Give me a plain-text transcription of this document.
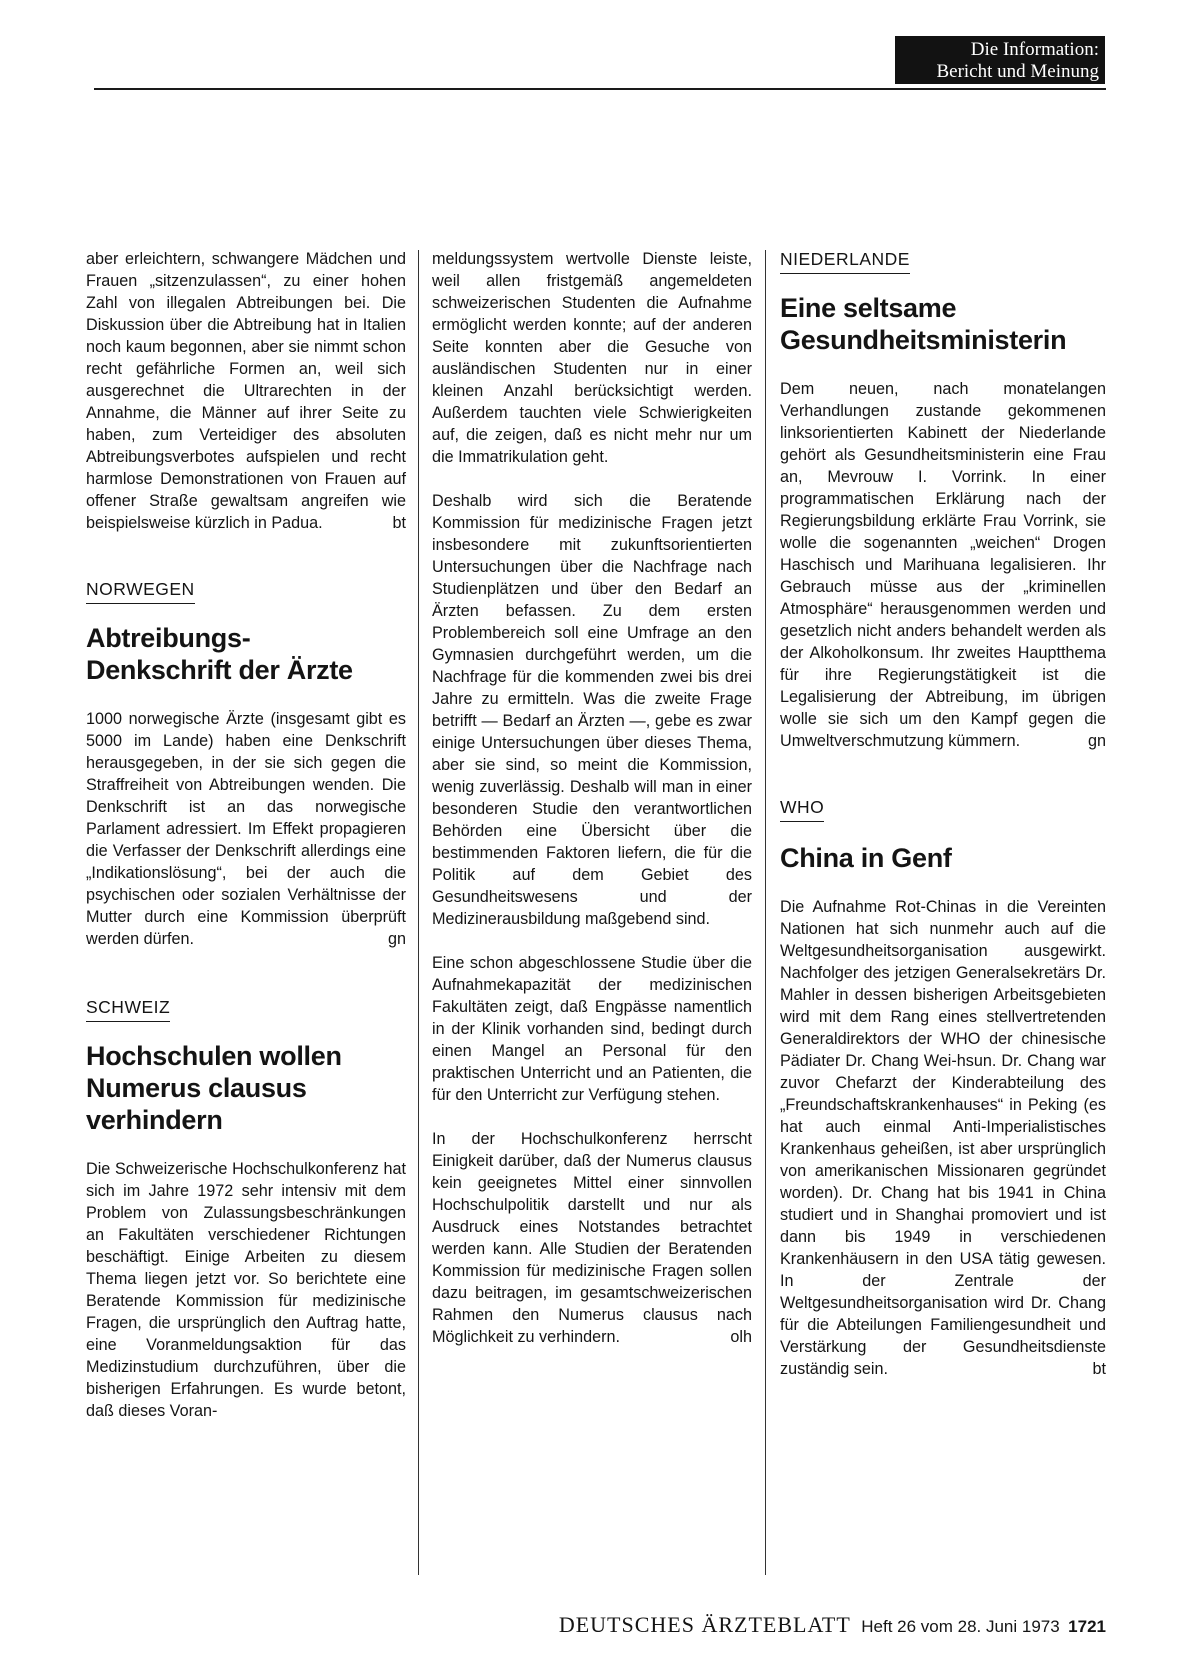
Die Information:
Bericht und Meinung

aber erleichtern, schwangere Mädchen und Frauen „sitzenzulassen“, zu einer hohen Zahl von illegalen Abtreibungen bei. Die Diskussion über die Abtreibung hat in Italien noch kaum begonnen, aber sie nimmt schon recht gefährliche Formen an, weil sich ausgerechnet die Ultrarechten in der Annahme, die Männer auf ihrer Seite zu haben, zum Verteidiger des absoluten Abtreibungsverbotes aufspielen und recht harmlose Demonstrationen von Frauen auf offener Straße gewaltsam angreifen wie beispielsweise kürzlich in Padua.	bt

NORWEGEN
Abtreibungs-
Denkschrift der Ärzte

1000 norwegische Ärzte (insgesamt gibt es 5000 im Lande) haben eine Denkschrift herausgegeben, in der sie sich gegen die Straffreiheit von Abtreibungen wenden. Die Denkschrift ist an das norwegische Parlament adressiert. Im Effekt propagieren die Verfasser der Denkschrift allerdings eine „Indikationslösung“, bei der auch die psychischen oder sozialen Verhältnisse der Mutter durch eine Kommission überprüft werden dürfen.	gn

SCHWEIZ
Hochschulen wollen
Numerus clausus
verhindern

Die Schweizerische Hochschulkonferenz hat sich im Jahre 1972 sehr intensiv mit dem Problem von Zulassungsbeschränkungen an Fakultäten verschiedener Richtungen beschäftigt. Einige Arbeiten zu diesem Thema liegen jetzt vor. So berichtete eine Beratende Kommission für medizinische Fragen, die ursprünglich den Auftrag hatte, eine Voranmeldungsaktion für das Medizinstudium durchzuführen, über die bisherigen Erfahrungen. Es wurde betont, daß dieses Voran-

meldungssystem wertvolle Dienste leiste, weil allen fristgemäß angemeldeten schweizerischen Studenten die Aufnahme ermöglicht werden konnte; auf der anderen Seite konnten aber die Gesuche von ausländischen Studenten nur in einer kleinen Anzahl berücksichtigt werden. Außerdem tauchten viele Schwierigkeiten auf, die zeigen, daß es nicht mehr nur um die Immatrikulation geht.

Deshalb wird sich die Beratende Kommission für medizinische Fragen jetzt insbesondere mit zukunftsorientierten Untersuchungen über die Nachfrage nach Studienplätzen und über den Bedarf an Ärzten befassen. Zu dem ersten Problembereich soll eine Umfrage an den Gymnasien durchgeführt werden, um die Nachfrage für die kommenden zwei bis drei Jahre zu ermitteln. Was die zweite Frage betrifft — Bedarf an Ärzten —, gebe es zwar einige Untersuchungen über dieses Thema, aber sie sind, so meint die Kommission, wenig zuverlässig. Deshalb will man in einer besonderen Studie den verantwortlichen Behörden eine Übersicht über die bestimmenden Faktoren liefern, die für die Politik auf dem Gebiet des Gesundheitswesens und der Medizinerausbildung maßgebend sind.

Eine schon abgeschlossene Studie über die Aufnahmekapazität der medizinischen Fakultäten zeigt, daß Engpässe namentlich in der Klinik vorhanden sind, bedingt durch einen Mangel an Personal für den praktischen Unterricht und an Patienten, die für den Unterricht zur Verfügung stehen.

In der Hochschulkonferenz herrscht Einigkeit darüber, daß der Numerus clausus kein geeignetes Mittel einer sinnvollen Hochschulpolitik darstellt und nur als Ausdruck eines Notstandes betrachtet werden kann. Alle Studien der Beratenden Kommission für medizinische Fragen sollen dazu beitragen, im gesamtschweizerischen Rahmen den Numerus clausus nach Möglichkeit zu verhindern.	olh

NIEDERLANDE
Eine seltsame
Gesundheitsministerin

Dem neuen, nach monatelangen Verhandlungen zustande gekommenen linksorientierten Kabinett der Niederlande gehört als Gesundheitsministerin eine Frau an, Mevrouw I. Vorrink. In einer programmatischen Erklärung nach der Regierungsbildung erklärte Frau Vorrink, sie wolle die sogenannten „weichen“ Drogen Haschisch und Marihuana legalisieren. Ihr Gebrauch müsse aus der „kriminellen Atmosphäre“ herausgenommen werden und gesetzlich nicht anders behandelt werden als der Alkoholkonsum. Ihr zweites Hauptthema für ihre Regierungstätigkeit ist die Legalisierung der Abtreibung, im übrigen wolle sie sich um den Kampf gegen die Umweltverschmutzung kümmern.	gn

WHO
China in Genf

Die Aufnahme Rot-Chinas in die Vereinten Nationen hat sich nunmehr auch auf die Weltgesundheitsorganisation ausgewirkt. Nachfolger des jetzigen Generalsekretärs Dr. Mahler in dessen bisherigen Arbeitsgebieten wird mit dem Rang eines stellvertretenden Generaldirektors der WHO der chinesische Pädiater Dr. Chang Wei-hsun. Dr. Chang war zuvor Chefarzt der Kinderabteilung des „Freundschaftskrankenhauses“ in Peking (es hat auch einmal Anti-Imperialistisches Krankenhaus geheißen, ist aber ursprünglich von amerikanischen Missionaren gegründet worden). Dr. Chang hat bis 1941 in China studiert und in Shanghai promoviert und ist dann bis 1949 in verschiedenen Krankenhäusern in den USA tätig gewesen. In der Zentrale der Weltgesundheitsorganisation wird Dr. Chang für die Abteilungen Familiengesundheit und Verstärkung der Gesundheitsdienste zuständig sein.	bt

DEUTSCHES ÄRZTEBLATT Heft 26 vom 28. Juni 1973 1721
